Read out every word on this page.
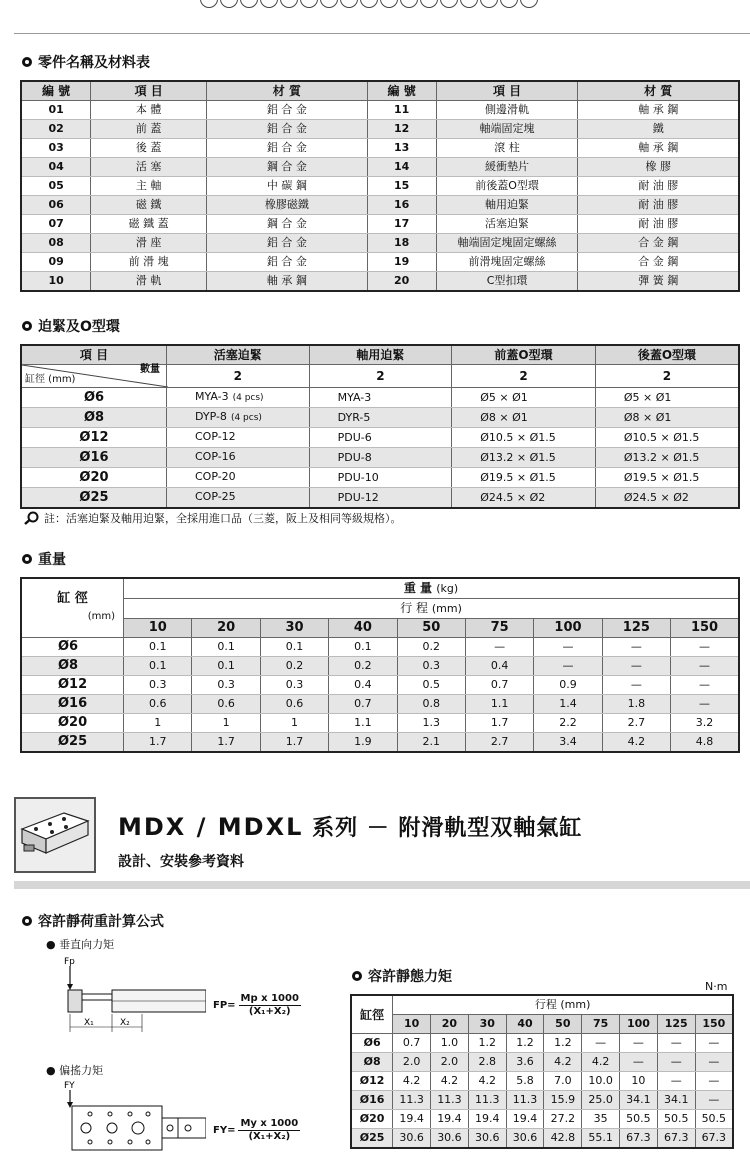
零件名稱及材料表
編 號	項 目	材 質	編 號	項 目	材 質
01	本 體	鋁 合 金	11	側邊滑軌	軸 承 鋼
02	前 蓋	鋁 合 金	12	軸端固定塊	鐵
03	後 蓋	鋁 合 金	13	滾 柱	軸 承 鋼
04	活 塞	鋼 合 金	14	緩衝墊片	橡 膠
05	主 軸	中 碳 鋼	15	前後蓋O型環	耐 油 膠
06	磁 鐵	橡膠磁鐵	16	軸用迫緊	耐 油 膠
07	磁 鐵 蓋	鋼 合 金	17	活塞迫緊	耐 油 膠
08	滑 座	鋁 合 金	18	軸端固定塊固定螺絲	合 金 鋼
09	前 滑 塊	鋁 合 金	19	前滑塊固定螺絲	合 金 鋼
10	滑 軌	軸 承 鋼	20	C型扣環	彈 簧 鋼
迫緊及O型環
項 目	活塞迫緊	軸用迫緊	前蓋O型環	後蓋O型環

數量
缸徑 (mm)	2	2	2	2
Ø6	MYA-3 (4 pcs)	MYA-3	Ø5 × Ø1	Ø5 × Ø1
Ø8	DYP-8 (4 pcs)	DYR-5	Ø8 × Ø1	Ø8 × Ø1
Ø12	COP-12	PDU-6	Ø10.5 × Ø1.5	Ø10.5 × Ø1.5
Ø16	COP-16	PDU-8	Ø13.2 × Ø1.5	Ø13.2 × Ø1.5
Ø20	COP-20	PDU-10	Ø19.5 × Ø1.5	Ø19.5 × Ø1.5
Ø25	COP-25	PDU-12	Ø24.5 × Ø2	Ø24.5 × Ø2
註：活塞迫緊及軸用迫緊，全採用進口品（三菱，阪上及相同等級規格）。
重量
缸 徑
(mm)	重 量 (kg)								
	行 程 (mm)								
	10	20	30	40	50	75	100	125	150
Ø6	0.1	0.1	0.1	0.1	0.2	—	—	—	—
Ø8	0.1	0.1	0.2	0.2	0.3	0.4	—	—	—
Ø12	0.3	0.3	0.3	0.4	0.5	0.7	0.9	—	—
Ø16	0.6	0.6	0.6	0.7	0.8	1.1	1.4	1.8	—
Ø20	1	1	1	1.1	1.3	1.7	2.2	2.7	3.2
Ø25	1.7	1.7	1.7	1.9	2.1	2.7	3.4	4.2	4.8
MDX / MDXL 系列 － 附滑軌型双軸氣缸
設計、安裝參考資料
容許靜荷重計算公式
● 垂直向力矩
Fp
X₁	X₂
$FP= \frac{\text{Mp x 1000}}{\text{(X₁+X₂)}}$
● 偏搖力矩
FY
$FY= \frac{\text{My x 1000}}{\text{(X₁+X₂)}}$
容許靜態力矩
N‧m
缸徑	行程 (mm)								
	10	20	30	40	50	75	100	125	150
Ø6	0.7	1.0	1.2	1.2	1.2	—	—	—	—
Ø8	2.0	2.0	2.8	3.6	4.2	4.2	—	—	—
Ø12	4.2	4.2	4.2	5.8	7.0	10.0	10	—	—
Ø16	11.3	11.3	11.3	11.3	15.9	25.0	34.1	34.1	—
Ø20	19.4	19.4	19.4	19.4	27.2	35	50.5	50.5	50.5
Ø25	30.6	30.6	30.6	30.6	42.8	55.1	67.3	67.3	67.3
